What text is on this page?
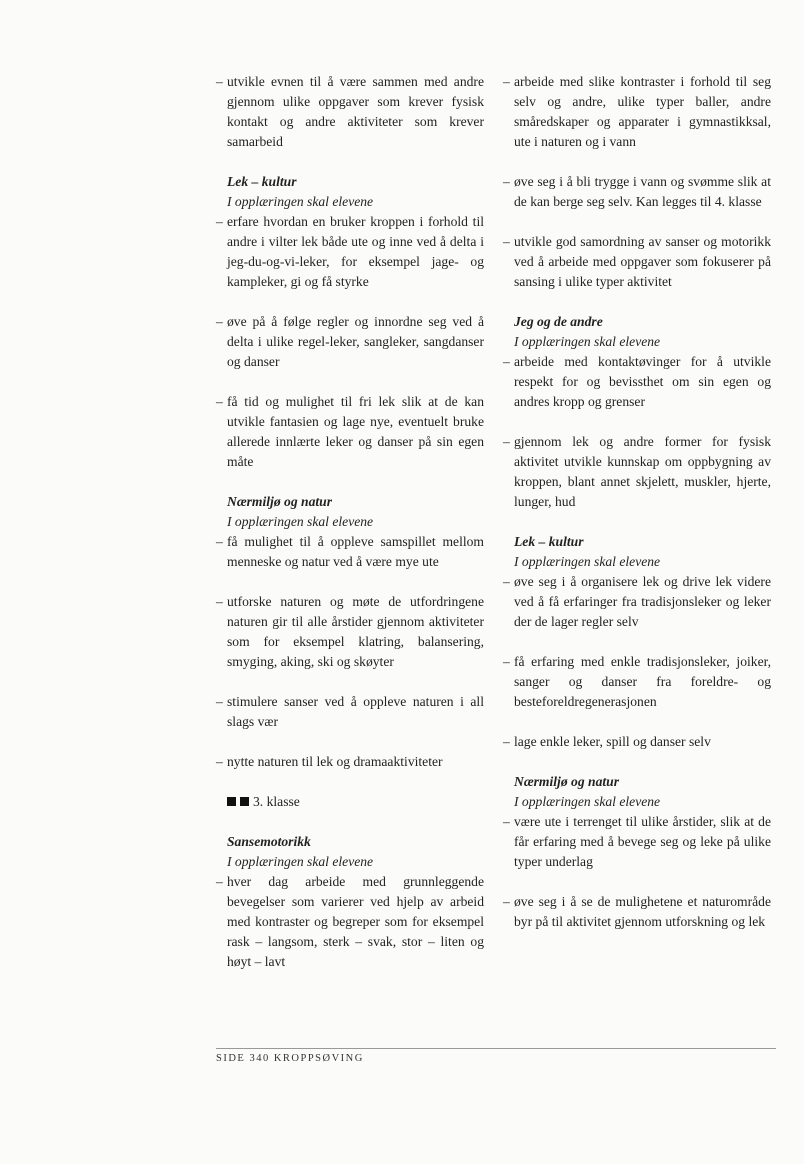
– utvikle evnen til å være sammen med andre gjennom ulike oppgaver som krever fysisk kontakt og andre aktiviteter som krever samarbeid
Lek – kultur
I opplæringen skal elevene
– erfare hvordan en bruker kroppen i forhold til andre i vilter lek både ute og inne ved å delta i jeg-du-og-vi-leker, for eksempel jage- og kampleker, gi og få styrke
– øve på å følge regler og innordne seg ved å delta i ulike regel-leker, sangleker, sangdanser og danser
– få tid og mulighet til fri lek slik at de kan utvikle fantasien og lage nye, eventuelt bruke allerede innlærte leker og danser på sin egen måte
Nærmiljø og natur
I opplæringen skal elevene
– få mulighet til å oppleve samspillet mellom menneske og natur ved å være mye ute
– utforske naturen og møte de utfordringene naturen gir til alle årstider gjennom aktiviteter som for eksempel klatring, balansering, smyging, aking, ski og skøyter
– stimulere sanser ved å oppleve naturen i all slags vær
– nytte naturen til lek og dramaaktiviteter
3. klasse
Sansemotorikk
I opplæringen skal elevene
– hver dag arbeide med grunnleggende bevegelser som varierer ved hjelp av arbeid med kontraster og begreper som for eksempel rask – langsom, sterk – svak, stor – liten og høyt – lavt
– arbeide med slike kontraster i forhold til seg selv og andre, ulike typer baller, andre småredskaper og apparater i gymnastikksal, ute i naturen og i vann
– øve seg i å bli trygge i vann og svømme slik at de kan berge seg selv. Kan legges til 4. klasse
– utvikle god samordning av sanser og motorikk ved å arbeide med oppgaver som fokuserer på sansing i ulike typer aktivitet
Jeg og de andre
I opplæringen skal elevene
– arbeide med kontaktøvinger for å utvikle respekt for og bevissthet om sin egen og andres kropp og grenser
– gjennom lek og andre former for fysisk aktivitet utvikle kunnskap om oppbygning av kroppen, blant annet skjelett, muskler, hjerte, lunger, hud
Lek – kultur
I opplæringen skal elevene
– øve seg i å organisere lek og drive lek videre ved å få erfaringer fra tradisjonsleker og leker der de lager regler selv
– få erfaring med enkle tradisjonsleker, joiker, sanger og danser fra foreldre- og besteforeldregenerasjonen
– lage enkle leker, spill og danser selv
Nærmiljø og natur
I opplæringen skal elevene
– være ute i terrenget til ulike årstider, slik at de får erfaring med å bevege seg og leke på ulike typer underlag
– øve seg i å se de mulighetene et naturområde byr på til aktivitet gjennom utforskning og lek
SIDE 340 KROPPSØVING
